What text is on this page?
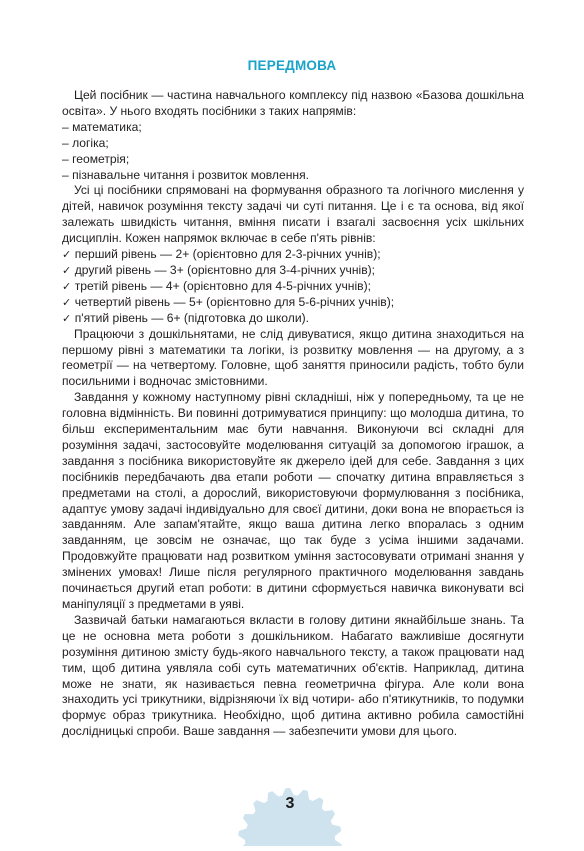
ПЕРЕДМОВА

Цей посібник — частина навчального комплексу під назвою «Базова дошкільна освіта». У нього входять посібники з таких напрямів:

– математика;
– логіка;
– геометрія;
– пізнавальне читання і розвиток мовлення.

Усі ці посібники спрямовані на формування образного та логічного мислення у дітей, навичок розуміння тексту задачі чи суті питання. Це і є та основа, від якої залежать швидкість читання, вміння писати і взагалі засвоєння усіх шкільних дисциплін. Кожен напрямок включає в себе п'ять рівнів:

✓ перший рівень — 2+ (орієнтовно для 2-3-річних учнів);
✓ другий рівень — 3+ (орієнтовно для 3-4-річних учнів);
✓ третій рівень — 4+ (орієнтовно для 4-5-річних учнів);
✓ четвертий рівень — 5+ (орієнтовно для 5-6-річних учнів);
✓ п'ятий рівень — 6+ (підготовка до школи).

Працюючи з дошкільнятами, не слід дивуватися, якщо дитина знаходиться на першому рівні з математики та логіки, із розвитку мовлення — на другому, а з геометрії — на четвертому. Головне, щоб заняття приносили радість, тобто були посильними і водночас змістовними.

Завдання у кожному наступному рівні складніші, ніж у попередньому, та це не головна відмінність. Ви повинні дотримуватися принципу: що молодша дитина, то більш експериментальним має бути навчання. Виконуючи всі складні для розуміння задачі, застосовуйте моделювання ситуацій за допомогою іграшок, а завдання з посібника використовуйте як джерело ідей для себе. Завдання з цих посібників передбачають два етапи роботи — спочатку дитина вправляється з предметами на столі, а дорослий, використовуючи формулювання з посібника, адаптує умову задачі індивідуально для своєї дитини, доки вона не впорається із завданням. Але запам'ятайте, якщо ваша дитина легко впоралась з одним завданням, це зовсім не означає, що так буде з усіма іншими задачами. Продовжуйте працювати над розвитком уміння застосовувати отримані знання у змінених умовах! Лише після регулярного практичного моделювання завдань починається другий етап роботи: в дитини сформується навичка виконувати всі маніпуляції з предметами в уяві.

Зазвичай батьки намагаються вкласти в голову дитини якнайбільше знань. Та це не основна мета роботи з дошкільником. Набагато важливіше досягнути розуміння дитиною змісту будь-якого навчального тексту, а також працювати над тим, щоб дитина уявляла собі суть математичних об'єктів. Наприклад, дитина може не знати, як називається певна геометрична фігура. Але коли вона знаходить усі трикутники, відрізняючи їх від чотири- або п'ятикутників, то подумки формує образ трикутника. Необхідно, щоб дитина активно робила самостійні дослідницькі спроби. Ваше завдання — забезпечити умови для цього.

3
